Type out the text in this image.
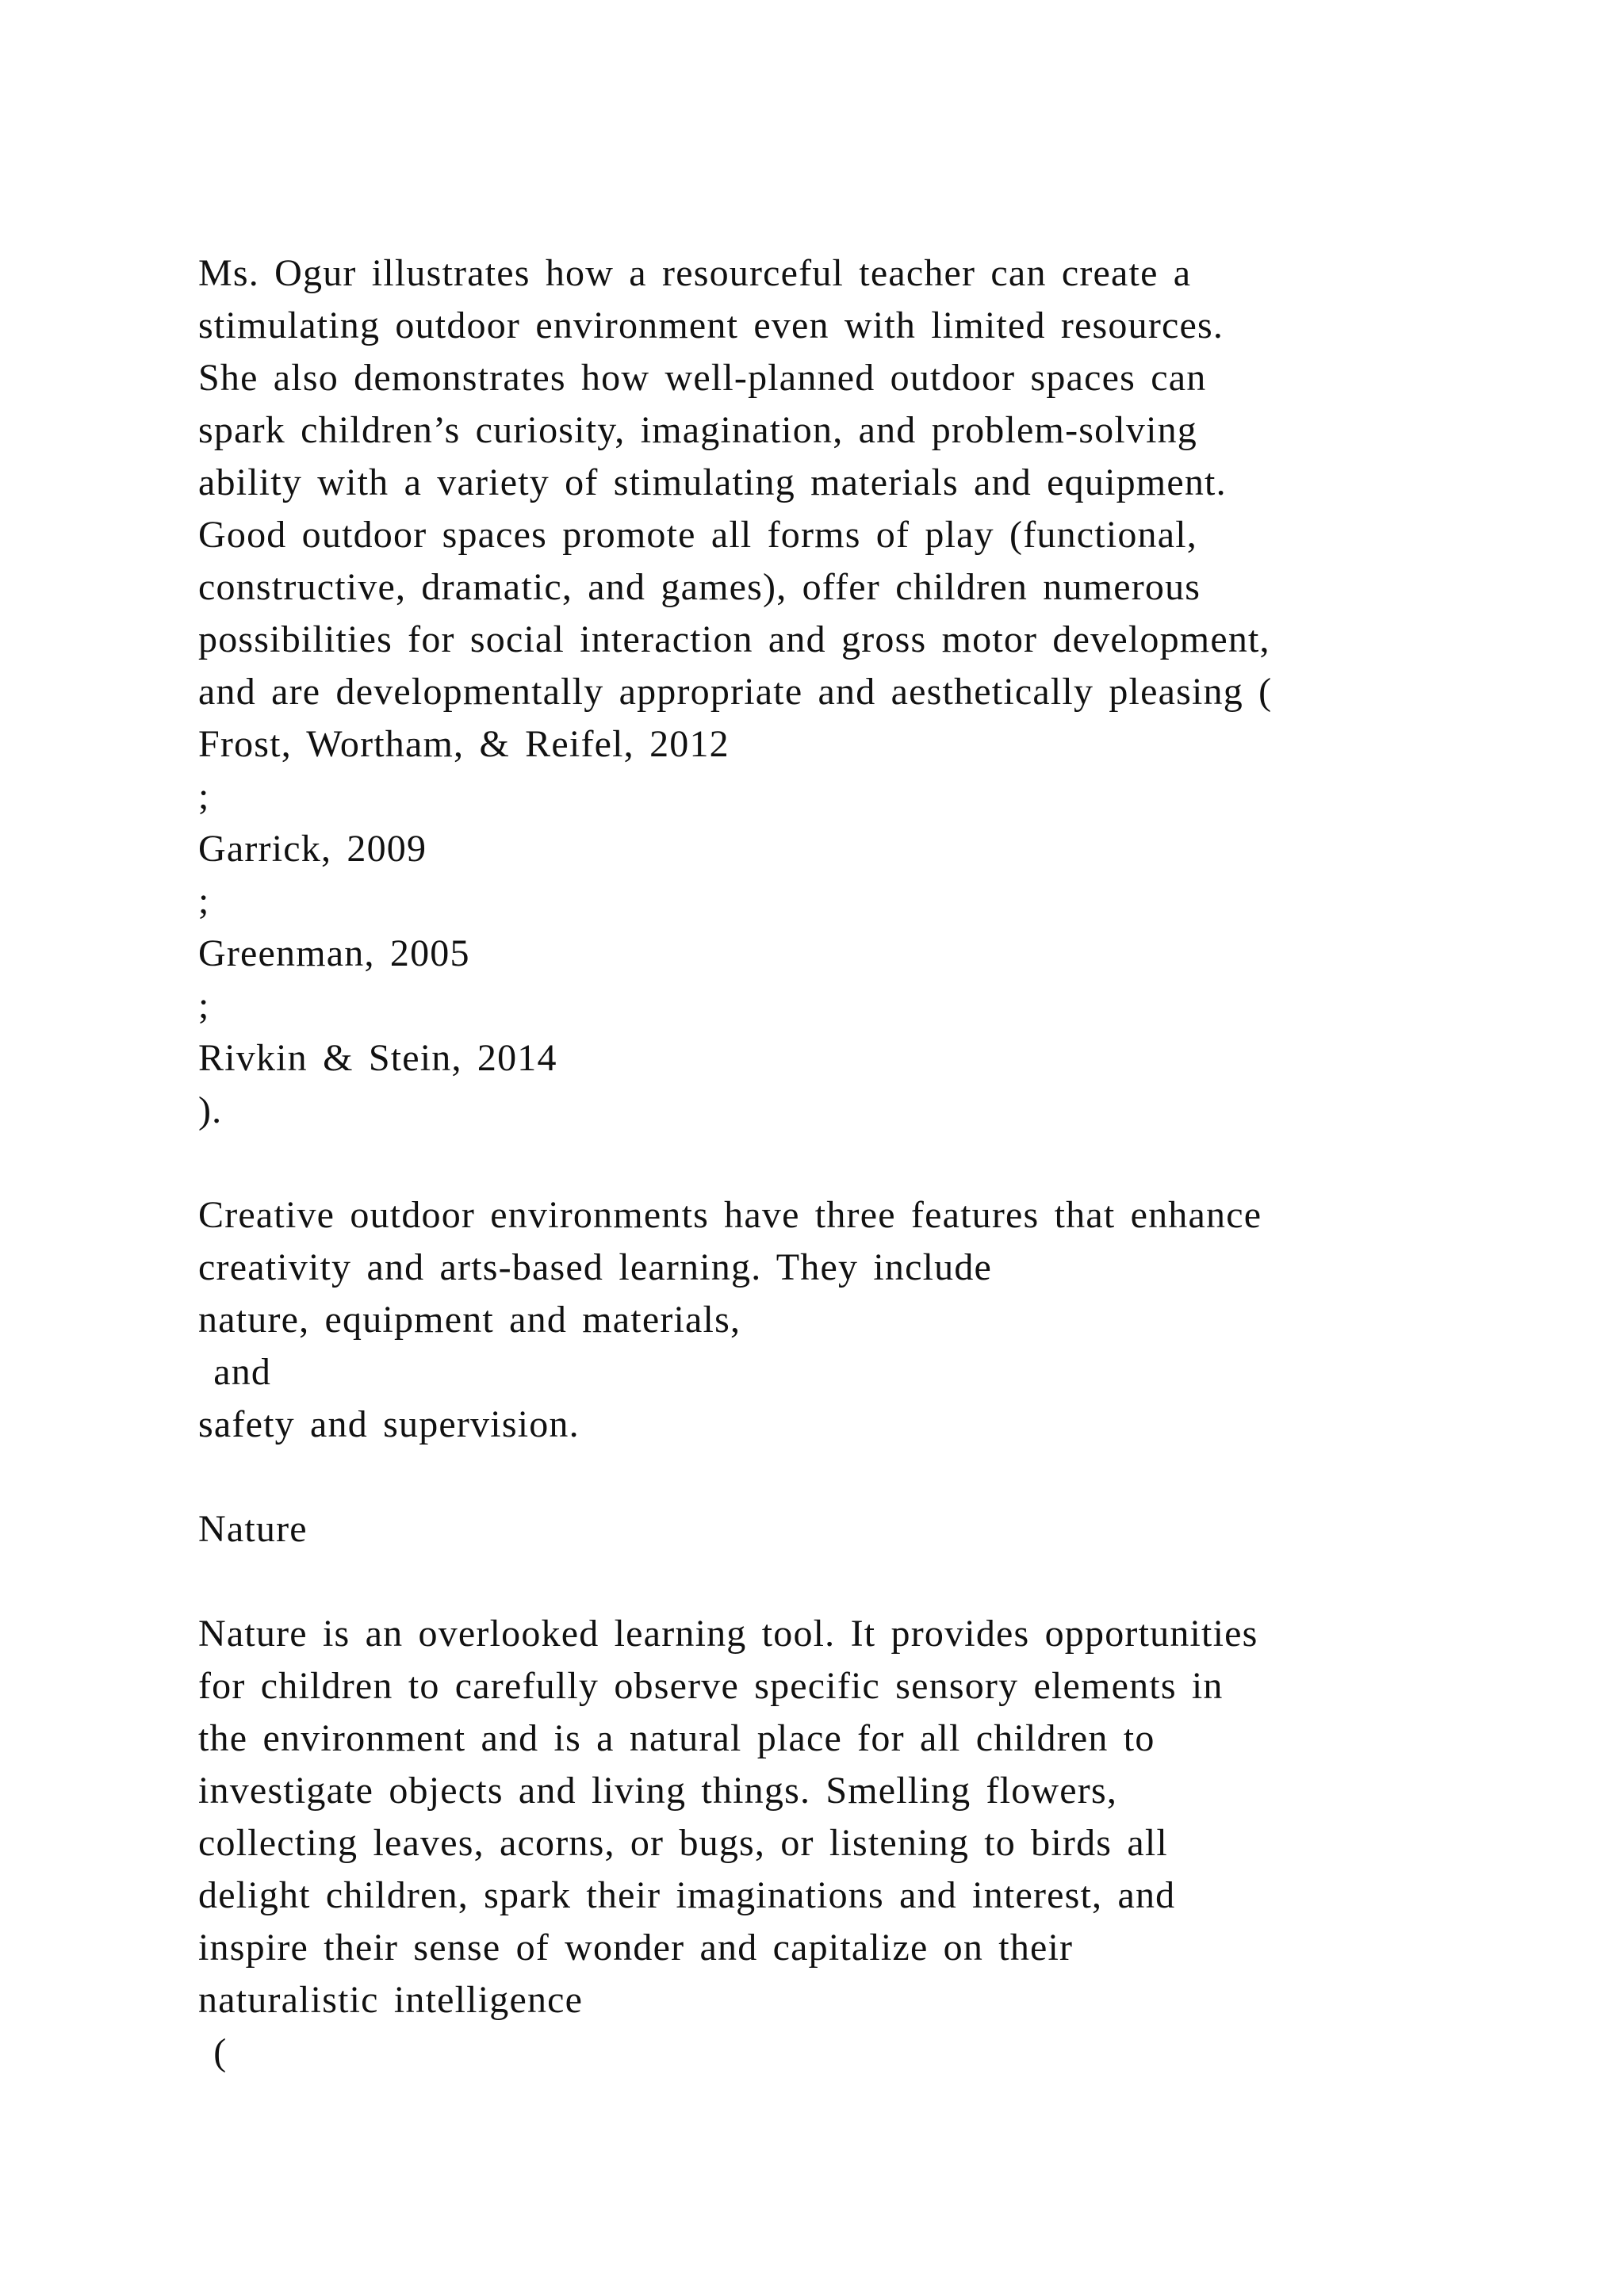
Ms. Ogur illustrates how a resourceful teacher can create a
stimulating outdoor environment even with limited resources.
She also demonstrates how well-planned outdoor spaces can
spark children’s curiosity, imagination, and problem-solving
ability with a variety of stimulating materials and equipment.
Good outdoor spaces promote all forms of play (functional,
constructive, dramatic, and games), offer children numerous
possibilities for social interaction and gross motor development,
and are developmentally appropriate and aesthetically pleasing (
Frost, Wortham, & Reifel, 2012
;
Garrick, 2009
;
Greenman, 2005
;
Rivkin & Stein, 2014
).
Creative outdoor environments have three features that enhance
creativity and arts-based learning. They include
nature, equipment and materials,
and
safety and supervision.
Nature
Nature is an overlooked learning tool. It provides opportunities
for children to carefully observe specific sensory elements in
the environment and is a natural place for all children to
investigate objects and living things. Smelling flowers,
collecting leaves, acorns, or bugs, or listening to birds all
delight children, spark their imaginations and interest, and
inspire their sense of wonder and capitalize on their
naturalistic intelligence
(
